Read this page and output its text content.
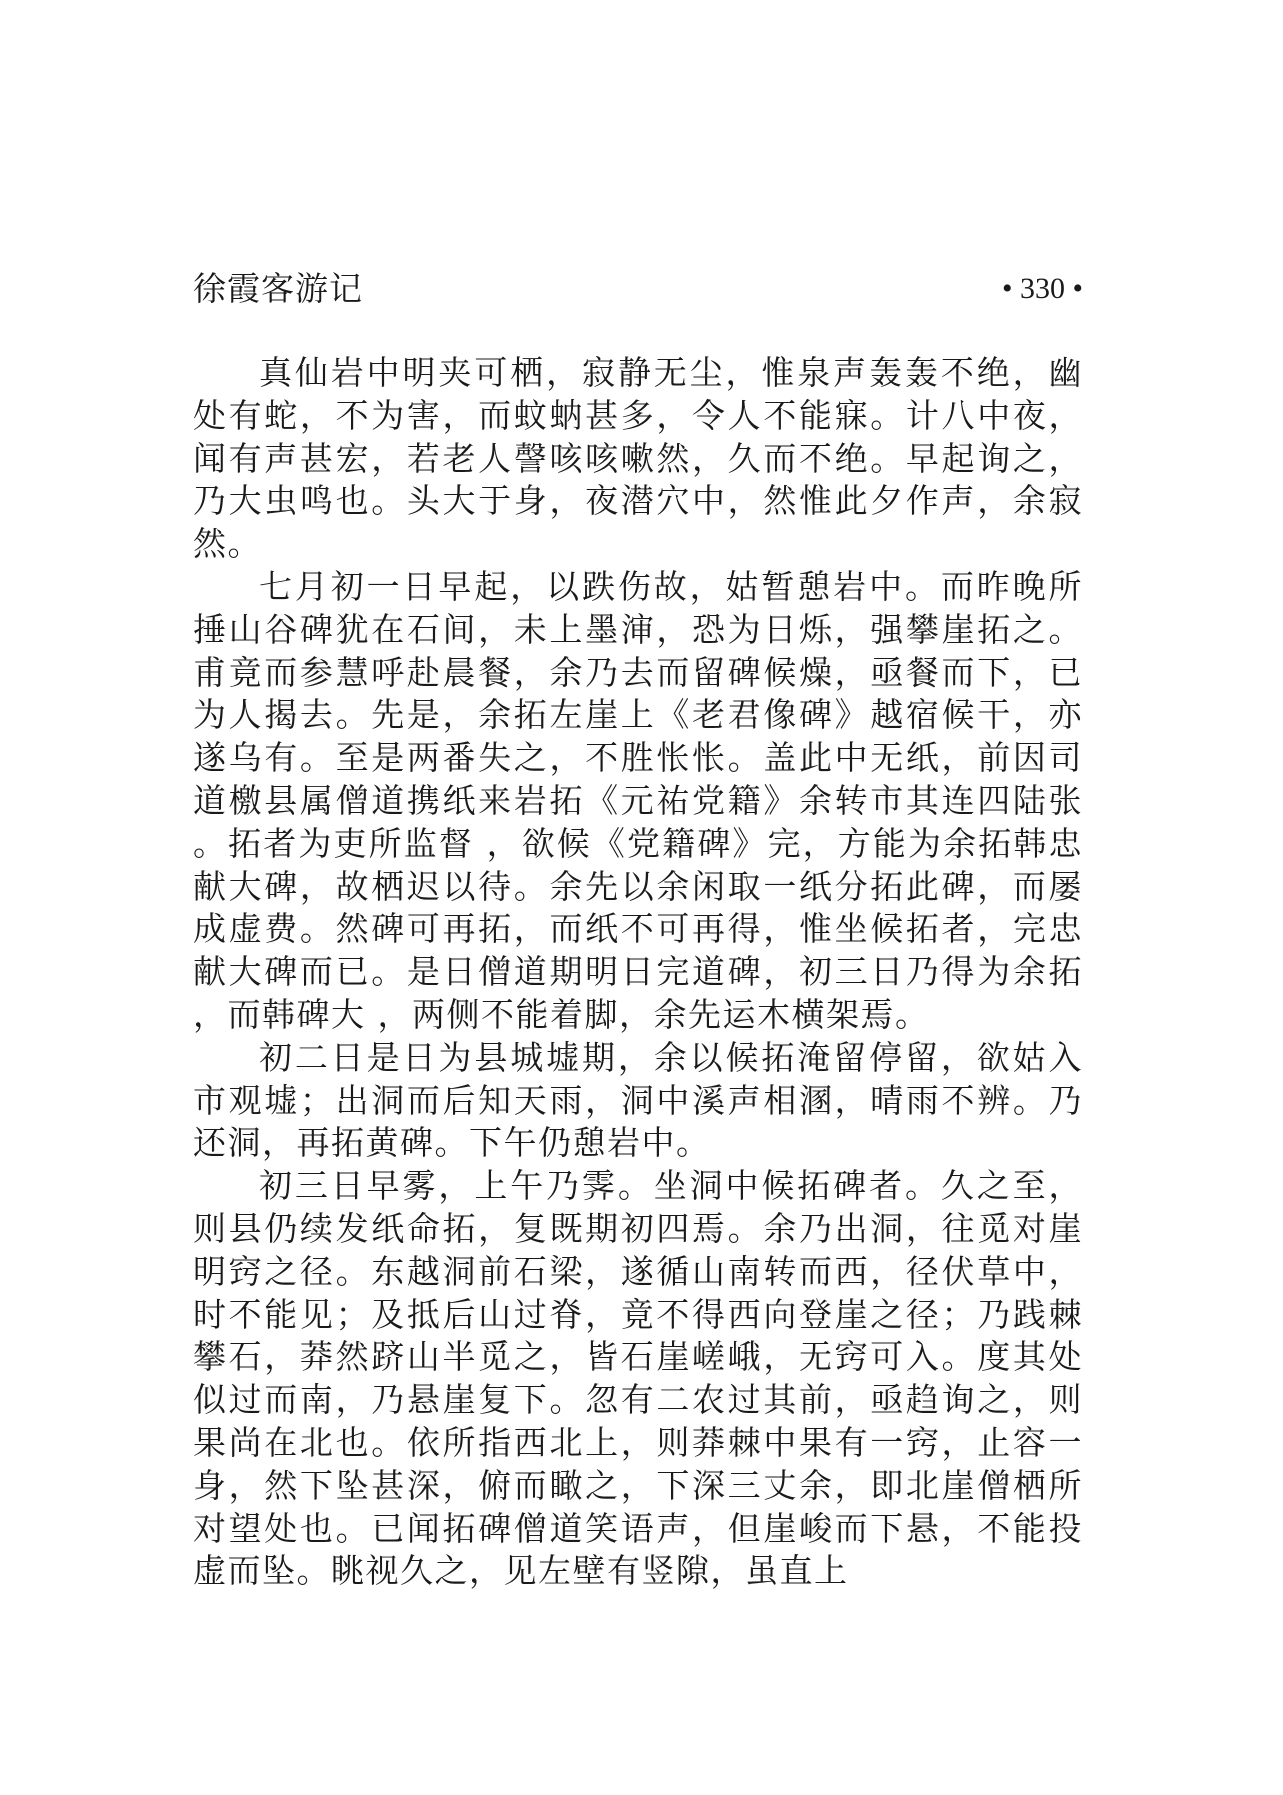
徐霞客游记	• 330 •

真仙岩中明夹可栖，寂静无尘，惟泉声轰轰不绝，幽处有蛇，不为害，而蚊蚋甚多，令人不能寐。计八中夜，闻有声甚宏，若老人謦咳咳嗽然，久而不绝。早起询之，乃大虫鸣也。头大于身，夜潜穴中，然惟此夕作声，余寂然。

七月初一日早起，以跌伤故，姑暂憩岩中。而昨晚所捶山谷碑犹在石间，未上墨渖，恐为日烁，强攀崖拓之。甫竟而参慧呼赴晨餐，余乃去而留碑候燥，亟餐而下，已为人揭去。先是，余拓左崖上《老君像碑》越宿候干，亦遂乌有。至是两番失之，不胜怅怅。盖此中无纸，前因司道檄县属僧道携纸来岩拓《元祐党籍》余转市其连四陆张 。拓者为吏所监督 ，欲候《党籍碑》完，方能为余拓韩忠献大碑，故栖迟以待。余先以余闲取一纸分拓此碑，而屡成虚费。然碑可再拓，而纸不可再得，惟坐候拓者，完忠献大碑而已。是日僧道期明日完道碑，初三日乃得为余拓 ，而韩碑大 ，两侧不能着脚，余先运木横架焉。

初二日是日为县城墟期，余以候拓淹留停留，欲姑入市观墟；出洞而后知天雨，洞中溪声相溷，晴雨不辨。乃还洞，再拓黄碑。下午仍憩岩中。

初三日早雾，上午乃霁。坐洞中候拓碑者。久之至，则县仍续发纸命拓，复既期初四焉。余乃出洞，往觅对崖明窍之径。东越洞前石梁，遂循山南转而西，径伏草中，时不能见；及抵后山过脊，竟不得西向登崖之径；乃践棘攀石，莽然跻山半觅之，皆石崖嵯峨，无窍可入。度其处似过而南，乃悬崖复下。忽有二农过其前，亟趋询之，则果尚在北也。依所指西北上，则莽棘中果有一窍，止容一身，然下坠甚深，俯而瞰之，下深三丈余，即北崖僧栖所对望处也。已闻拓碑僧道笑语声，但崖峻而下悬，不能投虚而坠。眺视久之，见左壁有竖隙，虽直上
